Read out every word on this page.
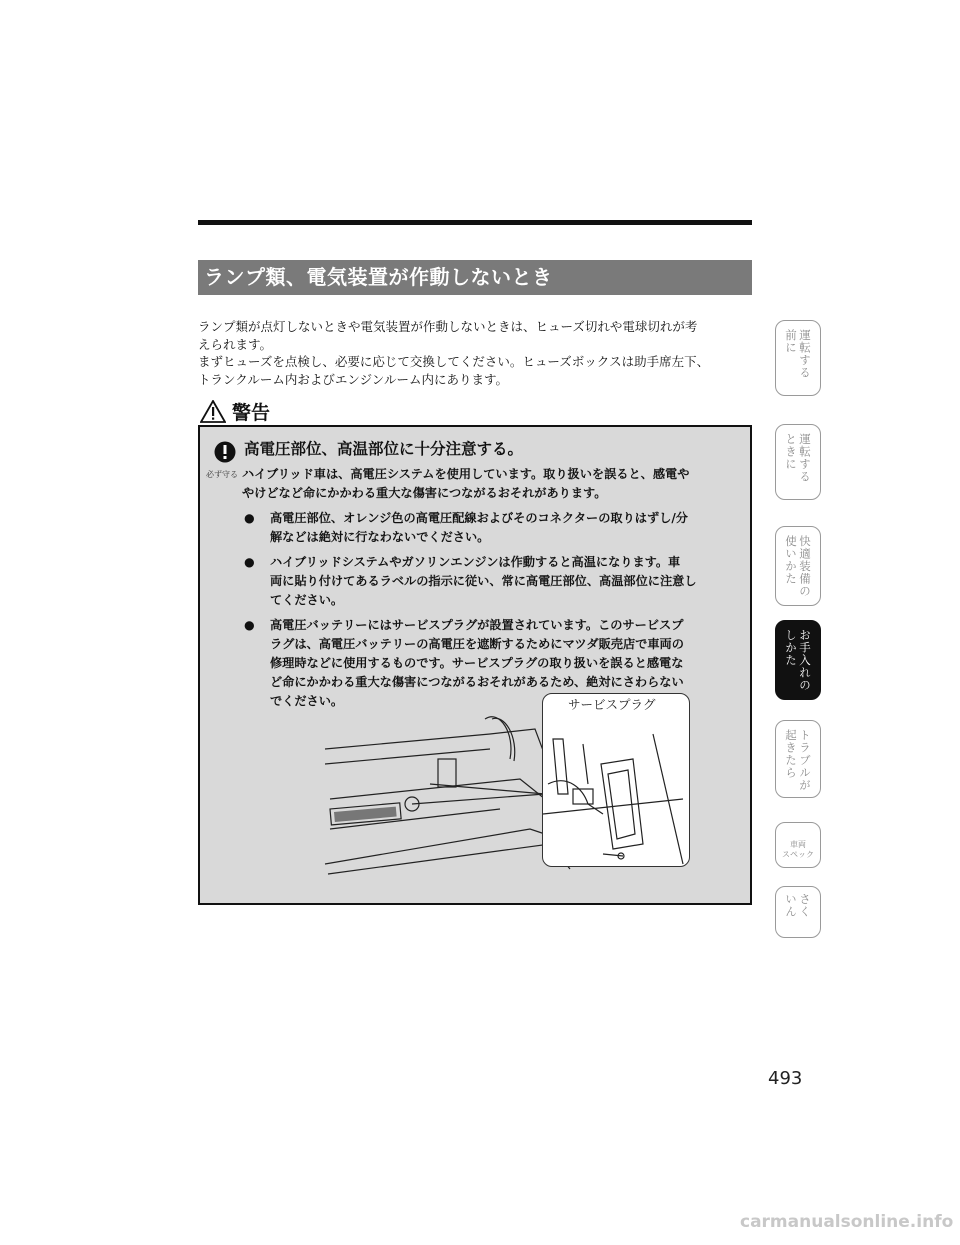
ランプ類、電気装置が作動しないとき

ランプ類が点灯しないときや電気装置が作動しないときは、ヒューズ切れや電球切れが考

えられます。

まずヒューズを点検し、必要に応じて交換してください。ヒューズボックスは助手席左下、

トランクルーム内およびエンジンルーム内にあります。

警告
必ず守る
高電圧部位、高温部位に十分注意する。
ハイブリッド車は、高電圧システムを使用しています。取り扱いを誤ると、感電や
やけどなど命にかかわる重大な傷害につながるおそれがあります。
● 高電圧部位、オレンジ色の高電圧配線およびそのコネクターの取りはずし/分
解などは絶対に行なわないでください。
● ハイブリッドシステムやガソリンエンジンは作動すると高温になります。車
両に貼り付けてあるラベルの指示に従い、常に高電圧部位、高温部位に注意し
てください。
● 高電圧バッテリーにはサービスプラグが設置されています。このサービスプ
ラグは、高電圧バッテリーの高電圧を遮断するためにマツダ販売店で車両の
修理時などに使用するものです。サービスプラグの取り扱いを誤ると感電な
ど命にかかわる重大な傷害につながるおそれがあるため、絶対にさわらない
でください。	サービスプラグ
運転する
前に
運転する
ときに
快適装備の
使いかた
お手入れの
しかた
トラブルが
起きたら
車両
スペック
さく
いん
493
carmanualsonline.info
